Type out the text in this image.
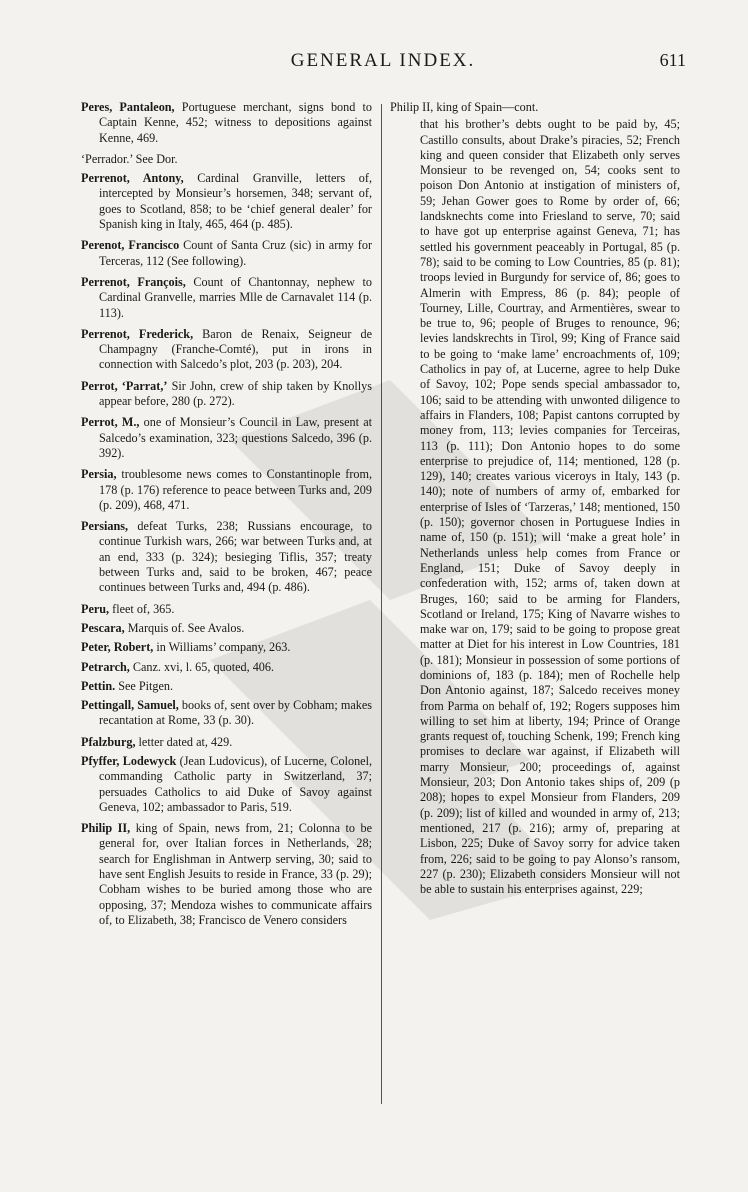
GENERAL INDEX.	611

Peres, Pantaleon, Portuguese merchant, signs bond to Captain Kenne, 452; witness to depositions against Kenne, 469.

‘Perrador.’ See Dor.

Perrenot, Antony, Cardinal Granville, letters of, intercepted by Monsieur’s horsemen, 348; servant of, goes to Scotland, 858; to be ‘chief general dealer’ for Spanish king in Italy, 465, 464 (p. 485).

Perenot, Francisco Count of Santa Cruz (sic) in army for Terceras, 112 (See following).

Perrenot, François, Count of Chantonnay, nephew to Cardinal Granvelle, marries Mlle de Carnavalet 114 (p. 113).

Perrenot, Frederick, Baron de Renaix, Seigneur de Champagny (Franche-Comté), put in irons in connection with Salcedo’s plot, 203 (p. 203), 204.

Perrot, ‘Parrat,’ Sir John, crew of ship taken by Knollys appear before, 280 (p. 272).

Perrot, M., one of Monsieur’s Council in Law, present at Salcedo’s examination, 323; questions Salcedo, 396 (p. 392).

Persia, troublesome news comes to Constantinople from, 178 (p. 176) reference to peace between Turks and, 209 (p. 209), 468, 471.

Persians, defeat Turks, 238; Russians encourage, to continue Turkish wars, 266; war between Turks and, at an end, 333 (p. 324); besieging Tiflis, 357; treaty between Turks and, said to be broken, 467; peace continues between Turks and, 494 (p. 486).

Peru, fleet of, 365.

Pescara, Marquis of. See Avalos.

Peter, Robert, in Williams’ company, 263.

Petrarch, Canz. xvi, l. 65, quoted, 406.

Pettin. See Pitgen.

Pettingall, Samuel, books of, sent over by Cobham; makes recantation at Rome, 33 (p. 30).

Pfalzburg, letter dated at, 429.

Pfyffer, Lodewyck (Jean Ludovicus), of Lucerne, Colonel, commanding Catholic party in Switzerland, 37; persuades Catholics to aid Duke of Savoy against Geneva, 102; ambassador to Paris, 519.

Philip II, king of Spain, news from, 21; Colonna to be general for, over Italian forces in Netherlands, 28; search for Englishman in Antwerp serving, 30; said to have sent English Jesuits to reside in France, 33 (p. 29); Cobham wishes to be buried among those who are opposing, 37; Mendoza wishes to communicate affairs of, to Elizabeth, 38; Francisco de Venero considers

Philip II, king of Spain—cont.

that his brother’s debts ought to be paid by, 45; Castillo consults, about Drake’s piracies, 52; French king and queen consider that Elizabeth only serves Monsieur to be revenged on, 54; cooks sent to poison Don Antonio at instigation of ministers of, 59; Jehan Gower goes to Rome by order of, 66; landsknechts come into Friesland to serve, 70; said to have got up enterprise against Geneva, 71; has settled his government peaceably in Portugal, 85 (p. 78); said to be coming to Low Countries, 85 (p. 81); troops levied in Burgundy for service of, 86; goes to Almerin with Empress, 86 (p. 84); people of Tourney, Lille, Courtray, and Armentières, swear to be true to, 96; people of Bruges to renounce, 96; levies landskrechts in Tirol, 99; King of France said to be going to ‘make lame’ encroachments of, 109; Catholics in pay of, at Lucerne, agree to help Duke of Savoy, 102; Pope sends special ambassador to, 106; said to be attending with unwonted diligence to affairs in Flanders, 108; Papist cantons corrupted by money from, 113; levies companies for Terceiras, 113 (p. 111); Don Antonio hopes to do some enterprise to prejudice of, 114; mentioned, 128 (p. 129), 140; creates various viceroys in Italy, 143 (p. 140); note of numbers of army of, embarked for enterprise of Isles of ‘Tarzeras,’ 148; mentioned, 150 (p. 150); governor chosen in Portuguese Indies in name of, 150 (p. 151); will ‘make a great hole’ in Netherlands unless help comes from France or England, 151; Duke of Savoy deeply in confederation with, 152; arms of, taken down at Bruges, 160; said to be arming for Flanders, Scotland or Ireland, 175; King of Navarre wishes to make war on, 179; said to be going to propose great matter at Diet for his interest in Low Countries, 181 (p. 181); Monsieur in possession of some portions of dominions of, 183 (p. 184); men of Rochelle help Don Antonio against, 187; Salcedo receives money from Parma on behalf of, 192; Rogers supposes him willing to set him at liberty, 194; Prince of Orange grants request of, touching Schenk, 199; French king promises to declare war against, if Elizabeth will marry Monsieur, 200; proceedings of, against Monsieur, 203; Don Antonio takes ships of, 209 (p 208); hopes to expel Monsieur from Flanders, 209 (p. 209); list of killed and wounded in army of, 213; mentioned, 217 (p. 216); army of, preparing at Lisbon, 225; Duke of Savoy sorry for advice taken from, 226; said to be going to pay Alonso’s ransom, 227 (p. 230); Elizabeth considers Monsieur will not be able to sustain his enterprises against, 229;
